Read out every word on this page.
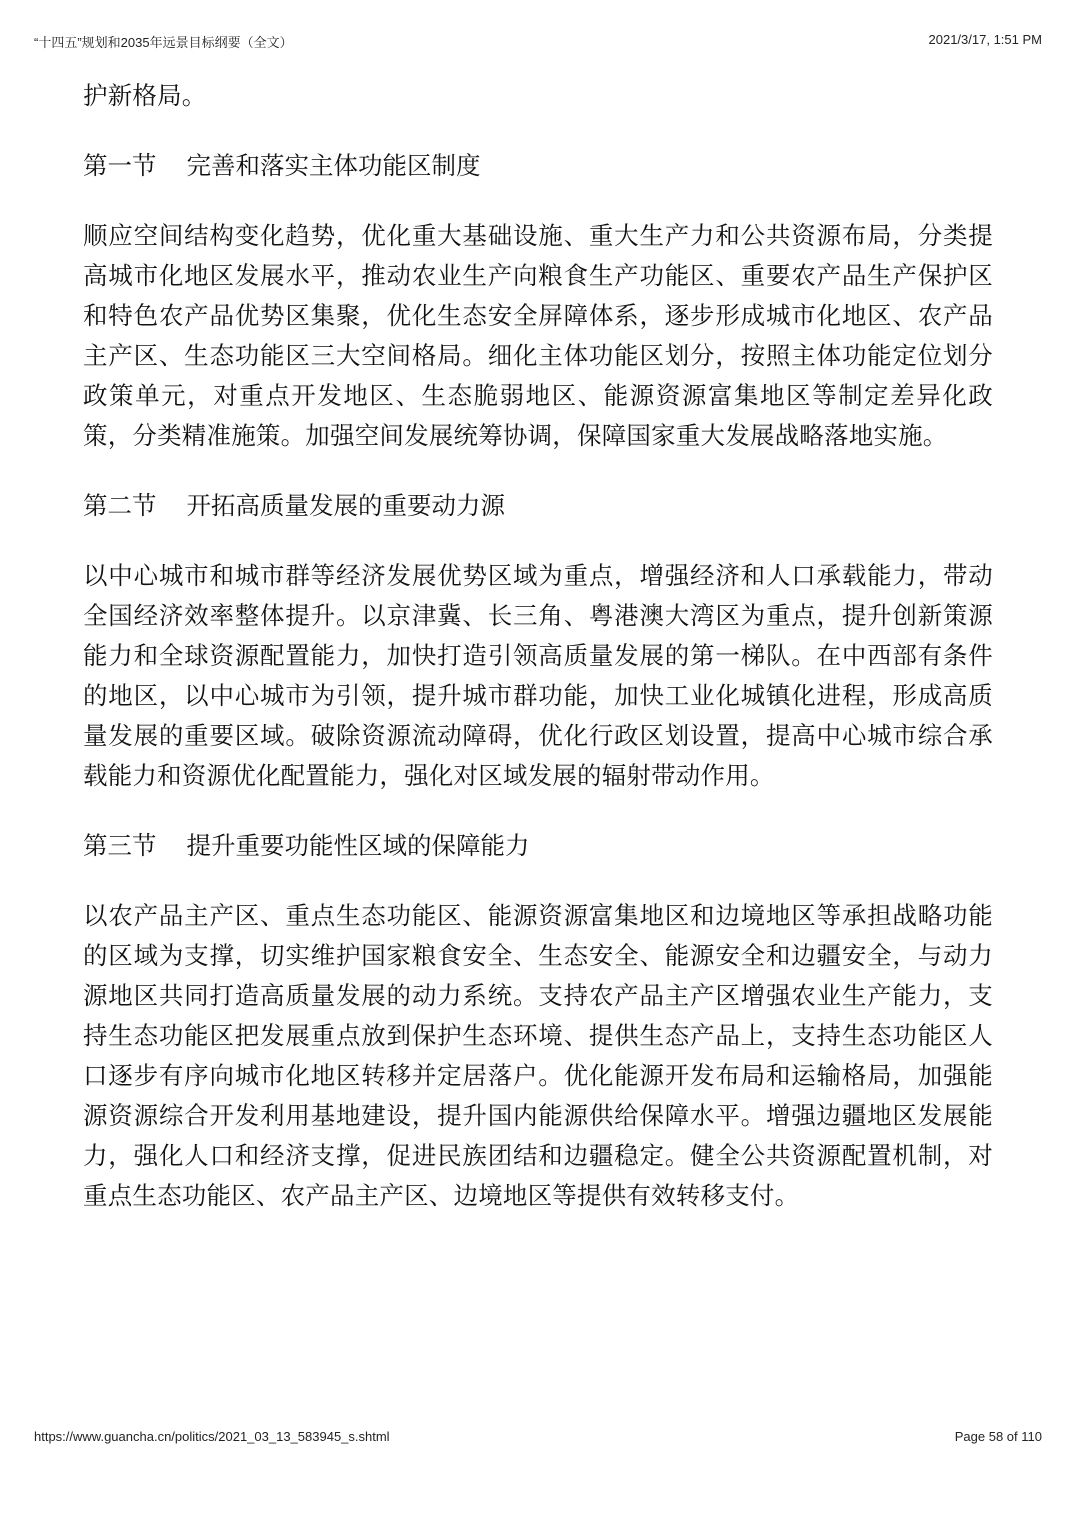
“十四五”规划和2035年远景目标纲要（全文）	2021/3/17, 1:51 PM

护新格局。

第一节 完善和落实主体功能区制度

顺应空间结构变化趋势，优化重大基础设施、重大生产力和公共资源布局，分类提高城市化地区发展水平，推动农业生产向粮食生产功能区、重要农产品生产保护区和特色农产品优势区集聚，优化生态安全屏障体系，逐步形成城市化地区、农产品主产区、生态功能区三大空间格局。细化主体功能区划分，按照主体功能定位划分政策单元，对重点开发地区、生态脆弱地区、能源资源富集地区等制定差异化政策，分类精准施策。加强空间发展统筹协调，保障国家重大发展战略落地实施。

第二节 开拓高质量发展的重要动力源

以中心城市和城市群等经济发展优势区域为重点，增强经济和人口承载能力，带动全国经济效率整体提升。以京津冀、长三角、粤港澳大湾区为重点，提升创新策源能力和全球资源配置能力，加快打造引领高质量发展的第一梯队。在中西部有条件的地区，以中心城市为引领，提升城市群功能，加快工业化城镇化进程，形成高质量发展的重要区域。破除资源流动障碍，优化行政区划设置，提高中心城市综合承载能力和资源优化配置能力，强化对区域发展的辐射带动作用。

第三节 提升重要功能性区域的保障能力

以农产品主产区、重点生态功能区、能源资源富集地区和边境地区等承担战略功能的区域为支撑，切实维护国家粮食安全、生态安全、能源安全和边疆安全，与动力源地区共同打造高质量发展的动力系统。支持农产品主产区增强农业生产能力，支持生态功能区把发展重点放到保护生态环境、提供生态产品上，支持生态功能区人口逐步有序向城市化地区转移并定居落户。优化能源开发布局和运输格局，加强能源资源综合开发利用基地建设，提升国内能源供给保障水平。增强边疆地区发展能力，强化人口和经济支撑，促进民族团结和边疆稳定。健全公共资源配置机制，对重点生态功能区、农产品主产区、边境地区等提供有效转移支付。

https://www.guancha.cn/politics/2021_03_13_583945_s.shtml	Page 58 of 110
